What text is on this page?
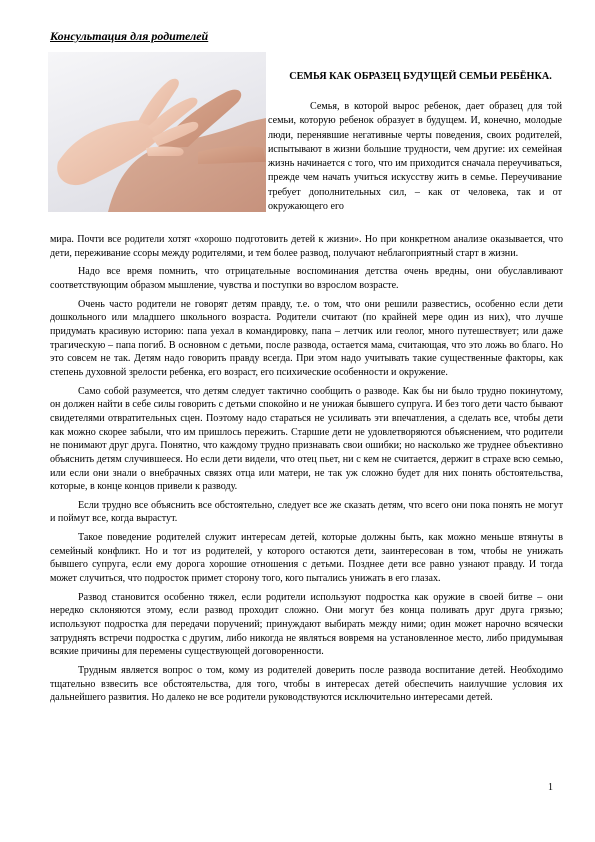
Консультация для родителей
СЕМЬЯ КАК ОБРАЗЕЦ БУДУЩЕЙ СЕМЬИ РЕБЁНКА.
Семья, в которой вырос ребенок, дает образец для той семьи, которую ребенок образует в будущем. И, конечно, молодые люди, перенявшие негативные черты поведения, своих родителей, испытывают в жизни большие трудности, чем другие: их семейная жизнь начинается с того, что им приходится сначала переучиваться, прежде чем начать учиться искусству жить в семье. Переучивание требует дополнительных сил, – как от человека, так и от окружающего его

мира. Почти все родители хотят «хорошо подготовить детей к жизни». Но при конкретном анализе оказывается, что дети, переживание ссоры между родителями, и тем более развод, получают неблагоприятный старт в жизни.

Надо все время помнить, что отрицательные воспоминания детства очень вредны, они обуславливают соответствующим образом мышление, чувства и поступки во взрослом возрасте.

Очень часто родители не говорят детям правду, т.е. о том, что они решили развестись, особенно если дети дошкольного или младшего школьного возраста. Родители считают (по крайней мере один из них), что лучше придумать красивую историю: папа уехал в командировку, папа – летчик или геолог, много путешествует; или даже трагическую – папа погиб. В основном с детьми, после развода, остается мама, считающая, что это ложь во благо. Но это совсем не так. Детям надо говорить правду всегда. При этом надо учитывать такие существенные факторы, как степень духовной зрелости ребенка, его возраст, его психические особенности и окружение.

Само собой разумеется, что детям следует тактично сообщить о разводе. Как бы ни было трудно покинутому, он должен найти в себе силы говорить с детьми спокойно и не унижая бывшего супруга. И без того дети часто бывают свидетелями отвратительных сцен. Поэтому надо стараться не усиливать эти впечатления, а сделать все, чтобы дети как можно скорее забыли, что им пришлось пережить. Старшие дети не удовлетворяются объяснением, что родители не понимают друг друга. Понятно, что каждому трудно признавать свои ошибки; но насколько же труднее объективно объяснить детям случившееся. Но если дети видели, что отец пьет, ни с кем не считается, держит в страхе всю семью, или если они знали о внебрачных связях отца или матери, не так уж сложно будет для них понять обстоятельства, которые, в конце концов привели к разводу.

Если трудно все объяснить все обстоятельно, следует все же сказать детям, что всего они пока понять не могут и поймут все, когда вырастут.

Такое поведение родителей служит интересам детей, которые должны быть, как можно меньше втянуты в семейный конфликт. Но и тот из родителей, у которого остаются дети, заинтересован в том, чтобы не унижать бывшего супруга, если ему дорога хорошие отношения с детьми. Позднее дети все равно узнают правду. И тогда может случиться, что подросток примет сторону того, кого пытались унижать в его глазах.

Развод становится особенно тяжел, если родители используют подростка как оружие в своей битве – они нередко склоняются этому, если развод проходит сложно. Они могут без конца поливать друг друга грязью; используют подростка для передачи поручений; принуждают выбирать между ними; один может нарочно всячески затруднять встречи подростка с другим, либо никогда не являться вовремя на установленное место, либо придумывая всякие причины для перемены существующей договоренности.

Трудным является вопрос о том, кому из родителей доверить после развода воспитание детей. Необходимо тщательно взвесить все обстоятельства, для того, чтобы в интересах детей обеспечить наилучшие условия их дальнейшего развития. Но далеко не все родители руководствуются исключительно интересами детей.

1
